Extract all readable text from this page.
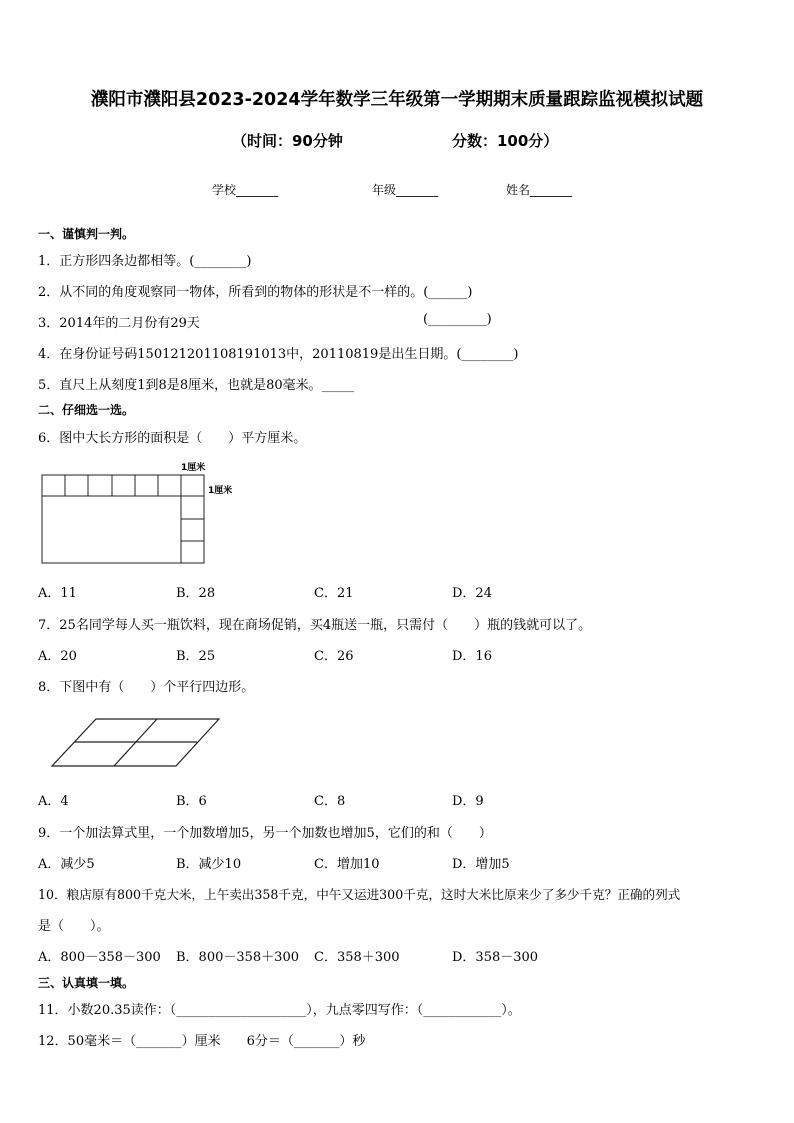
濮阳市濮阳县2023-2024学年数学三年级第一学期期末质量跟踪监视模拟试题
（时间：90分钟	分数：100分）
学校_______	年级_______	姓名_______
一、谨慎判一判。
1．正方形四条边都相等。(________)
2．从不同的角度观察同一物体，所看到的物体的形状是不一样的。(______)
3．2014年的二月份有29天	(_________)
4．在身份证号码150121201108191013中，20110819是出生日期。(________)
5．直尺上从刻度1到8是8厘米，也就是80毫米。_____
二、仔细选一选。
6．图中大长方形的面积是（　　）平方厘米。
1厘米
1厘米
A．11	B．28	C．21	D．24
7．25名同学每人买一瓶饮料，现在商场促销，买4瓶送一瓶，只需付（　　）瓶的钱就可以了。
A．20	B．25	C．26	D．16
8．下图中有（　　）个平行四边形。
A．4	B．6	C．8	D．9
9．一个加法算式里，一个加数增加5，另一个加数也增加5，它们的和（　　）
A．减少5	B．减少10	C．增加10	D．增加5
10．粮店原有800千克大米，上午卖出358千克，中午又运进300千克，这时大米比原来少了多少千克？正确的列式
是（　　）。
A．800－358－300 B．800－358＋300 C．358＋300	D．358－300
三、认真填一填。
11．小数20.35读作：（____________________），九点零四写作：（____________）。
12．50毫米＝（_______）厘米　　6分＝（_______）秒
